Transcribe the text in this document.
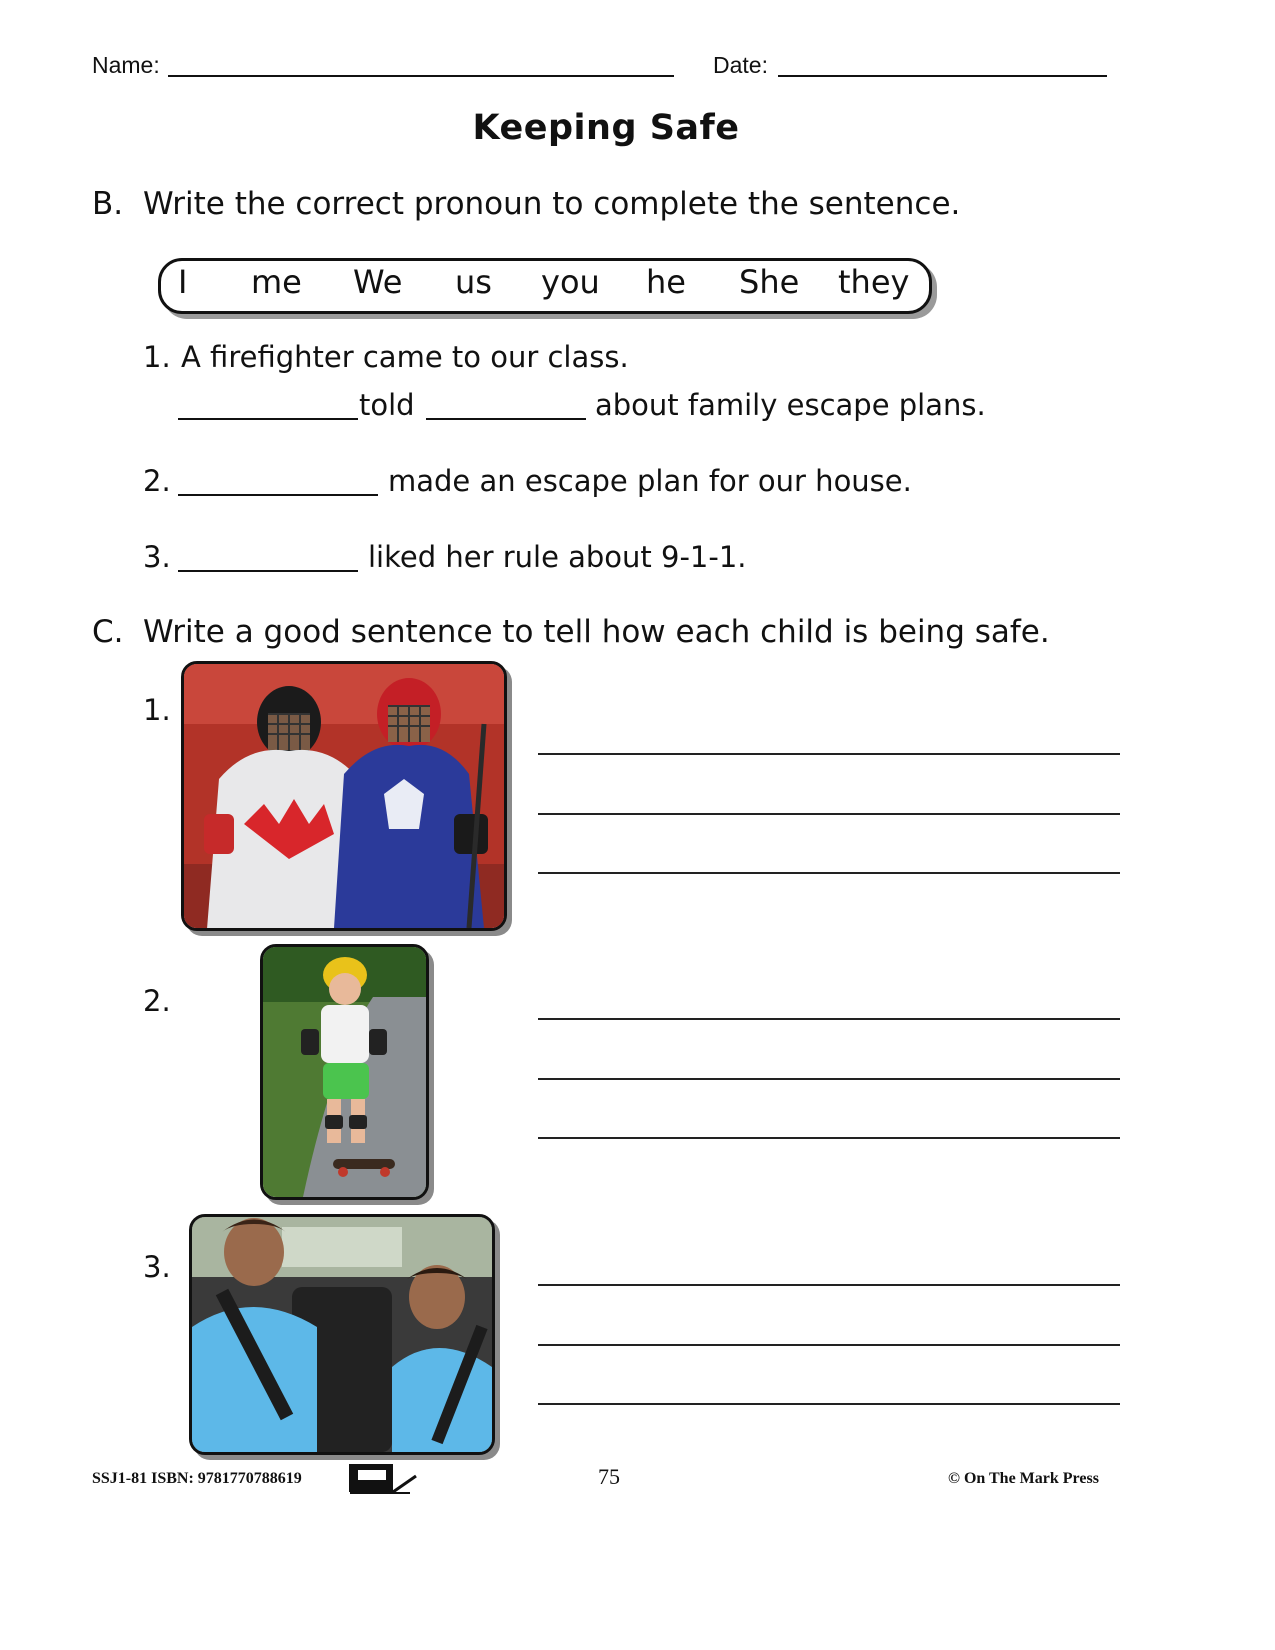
Name:	Date:
Keeping Safe
B. Write the correct pronoun to complete the sentence.
I me We us you he She they
1. A firefighter came to our class.
told	about family escape plans.
2.	made an escape plan for our house.
3.	liked her rule about 9-1-1.
C. Write a good sentence to tell how each child is being safe.
1.
2.
3.
SSJ1-81 ISBN: 9781770788619	75	© On The Mark Press
